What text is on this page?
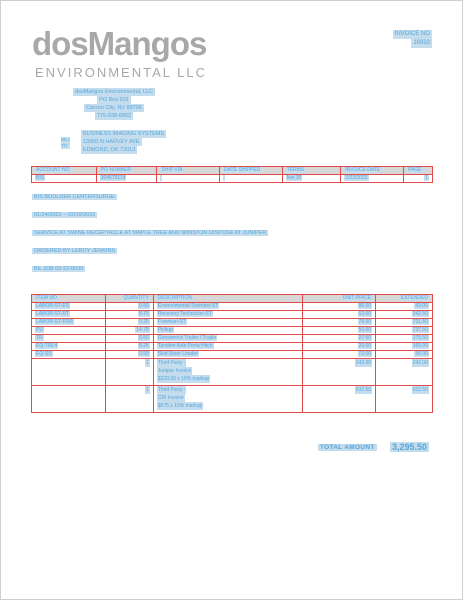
dosMangos
ENVIRONMENTAL LLC
INVOICE NO
16933
dosMangos Environmental, LLC
PO Box 931
Carson City, NV 89706
775-838-6862
BILL
TO
BUSINESS IMAGING SYSTEMS
13900 N HARVEY AVE
EDMOND, OK 73013
ACCOUNT NO	PO NUMBER	SHIP VIA	DATE SHIPPED	TERMS	INVOICE DATE	PAGE
BIS	304679118			Net 30	2/23/2022	1
BIS BOULDER CENTERSURGE
01/24/2022 ~ 02/10/2022
SERVICE AT SWINE RECEPTACLE AT MAPLE TREE AND WINSTON DISPOSE AT JUNIPER
ORDERED BY LEROY JENKINS
BE JOB 02-22-0039
ITEM NO	QUANTITY	DESCRIPTION	UNIT PRICE	EXTENDED
LABOR-ST-ES	0.50	Environmental Scientist-ST	86.00	43.00
LABOR-ST-RT	8.75	Recovery Technician-ST	62.00	542.50
LABOR-ST-FOR	9.25	Foreman-ST	78.00	721.50
PU	14.75	Pickup	50.00	737.50
TR	6.50	Gooseneck Trailer / Trailer	27.00	175.50
EQ-TRL4	8.25	Tandem Axle Porta Hitch	20.00	165.00
EQ-SS	0.50	Skid Steer Loader	72.00	36.00
	1	Third Party -
Juniper Invoice
$220.00 x 10% markup	242.00	242.00
	1	Third Party -
CRI Invoice
$575 x 10% markup	632.50	632.50
TOTAL AMOUNT 3,295.50
